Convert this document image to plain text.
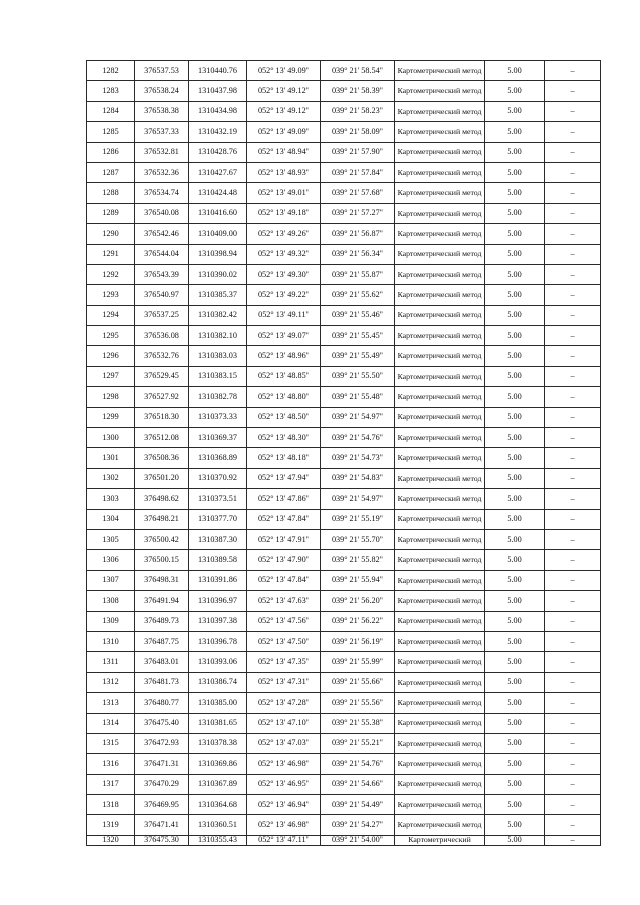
1282	376537.53	1310440.76	052° 13' 49.09"	039° 21' 58.54"	Картометрический метод	5.00	–
1283	376538.24	1310437.98	052° 13' 49.12"	039° 21' 58.39"	Картометрический метод	5.00	–
1284	376538.38	1310434.98	052° 13' 49.12"	039° 21' 58.23"	Картометрический метод	5.00	–
1285	376537.33	1310432.19	052° 13' 49.09"	039° 21' 58.09"	Картометрический метод	5.00	–
1286	376532.81	1310428.76	052° 13' 48.94"	039° 21' 57.90"	Картометрический метод	5.00	–
1287	376532.36	1310427.67	052° 13' 48.93"	039° 21' 57.84"	Картометрический метод	5.00	–
1288	376534.74	1310424.48	052° 13' 49.01"	039° 21' 57.68"	Картометрический метод	5.00	–
1289	376540.08	1310416.60	052° 13' 49.18"	039° 21' 57.27"	Картометрический метод	5.00	–
1290	376542.46	1310409.00	052° 13' 49.26"	039° 21' 56.87"	Картометрический метод	5.00	–
1291	376544.04	1310398.94	052° 13' 49.32"	039° 21' 56.34"	Картометрический метод	5.00	–
1292	376543.39	1310390.02	052° 13' 49.30"	039° 21' 55.87"	Картометрический метод	5.00	–
1293	376540.97	1310385.37	052° 13' 49.22"	039° 21' 55.62"	Картометрический метод	5.00	–
1294	376537.25	1310382.42	052° 13' 49.11"	039° 21' 55.46"	Картометрический метод	5.00	–
1295	376536.08	1310382.10	052° 13' 49.07"	039° 21' 55.45"	Картометрический метод	5.00	–
1296	376532.76	1310383.03	052° 13' 48.96"	039° 21' 55.49"	Картометрический метод	5.00	–
1297	376529.45	1310383.15	052° 13' 48.85"	039° 21' 55.50"	Картометрический метод	5.00	–
1298	376527.92	1310382.78	052° 13' 48.80"	039° 21' 55.48"	Картометрический метод	5.00	–
1299	376518.30	1310373.33	052° 13' 48.50"	039° 21' 54.97"	Картометрический метод	5.00	–
1300	376512.08	1310369.37	052° 13' 48.30"	039° 21' 54.76"	Картометрический метод	5.00	–
1301	376508.36	1310368.89	052° 13' 48.18"	039° 21' 54.73"	Картометрический метод	5.00	–
1302	376501.20	1310370.92	052° 13' 47.94"	039° 21' 54.83"	Картометрический метод	5.00	–
1303	376498.62	1310373.51	052° 13' 47.86"	039° 21' 54.97"	Картометрический метод	5.00	–
1304	376498.21	1310377.70	052° 13' 47.84"	039° 21' 55.19"	Картометрический метод	5.00	–
1305	376500.42	1310387.30	052° 13' 47.91"	039° 21' 55.70"	Картометрический метод	5.00	–
1306	376500.15	1310389.58	052° 13' 47.90"	039° 21' 55.82"	Картометрический метод	5.00	–
1307	376498.31	1310391.86	052° 13' 47.84"	039° 21' 55.94"	Картометрический метод	5.00	–
1308	376491.94	1310396.97	052° 13' 47.63"	039° 21' 56.20"	Картометрический метод	5.00	–
1309	376489.73	1310397.38	052° 13' 47.56"	039° 21' 56.22"	Картометрический метод	5.00	–
1310	376487.75	1310396.78	052° 13' 47.50"	039° 21' 56.19"	Картометрический метод	5.00	–
1311	376483.01	1310393.06	052° 13' 47.35"	039° 21' 55.99"	Картометрический метод	5.00	–
1312	376481.73	1310386.74	052° 13' 47.31"	039° 21' 55.66"	Картометрический метод	5.00	–
1313	376480.77	1310385.00	052° 13' 47.28"	039° 21' 55.56"	Картометрический метод	5.00	–
1314	376475.40	1310381.65	052° 13' 47.10"	039° 21' 55.38"	Картометрический метод	5.00	–
1315	376472.93	1310378.38	052° 13' 47.03"	039° 21' 55.21"	Картометрический метод	5.00	–
1316	376471.31	1310369.86	052° 13' 46.98"	039° 21' 54.76"	Картометрический метод	5.00	–
1317	376470.29	1310367.89	052° 13' 46.95"	039° 21' 54.66"	Картометрический метод	5.00	–
1318	376469.95	1310364.68	052° 13' 46.94"	039° 21' 54.49"	Картометрический метод	5.00	–
1319	376471.41	1310360.51	052° 13' 46.98"	039° 21' 54.27"	Картометрический метод	5.00	–
1320	376475.30	1310355.43	052° 13' 47.11"	039° 21' 54.00"	Картометрический	5.00	–
